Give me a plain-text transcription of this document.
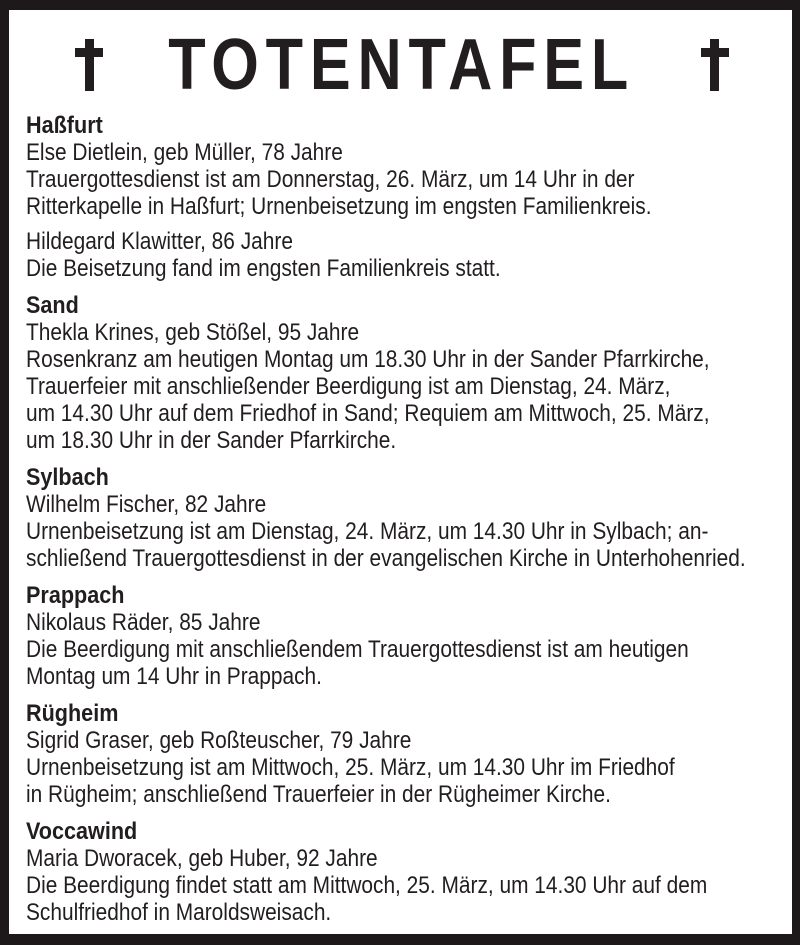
TOTENTAFEL
Haßfurt
Else Dietlein, geb Müller, 78 Jahre
Trauergottesdienst ist am Donnerstag, 26. März, um 14 Uhr in der
Ritterkapelle in Haßfurt; Urnenbeisetzung im engsten Familienkreis.
Hildegard Klawitter, 86 Jahre
Die Beisetzung fand im engsten Familienkreis statt.
Sand
Thekla Krines, geb Stößel, 95 Jahre
Rosenkranz am heutigen Montag um 18.30 Uhr in der Sander Pfarrkirche,
Trauerfeier mit anschließender Beerdigung ist am Dienstag, 24. März,
um 14.30 Uhr auf dem Friedhof in Sand; Requiem am Mittwoch, 25. März,
um 18.30 Uhr in der Sander Pfarrkirche.
Sylbach
Wilhelm Fischer, 82 Jahre
Urnenbeisetzung ist am Dienstag, 24. März, um 14.30 Uhr in Sylbach; an-
schließend Trauergottesdienst in der evangelischen Kirche in Unterhohenried.
Prappach
Nikolaus Räder, 85 Jahre
Die Beerdigung mit anschließendem Trauergottesdienst ist am heutigen
Montag um 14 Uhr in Prappach.
Rügheim
Sigrid Graser, geb Roßteuscher, 79 Jahre
Urnenbeisetzung ist am Mittwoch, 25. März, um 14.30 Uhr im Friedhof
in Rügheim; anschließend Trauerfeier in der Rügheimer Kirche.
Voccawind
Maria Dworacek, geb Huber, 92 Jahre
Die Beerdigung findet statt am Mittwoch, 25. März, um 14.30 Uhr auf dem
Schulfriedhof in Maroldsweisach.
